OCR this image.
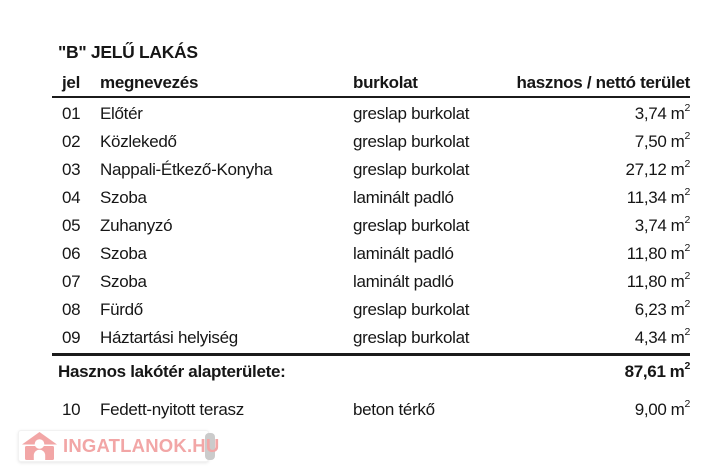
"B" JELŰ LAKÁS
jel	megnevezés	burkolat	hasznos / nettó terület
01	Előtér	greslap burkolat	3,74 $m^2$
02	Közlekedő	greslap burkolat	7,50 $m^2$
03	Nappali-Étkező-Konyha	greslap burkolat	27,12 $m^2$
04	Szoba	laminált padló	11,34 $m^2$
05	Zuhanyzó	greslap burkolat	3,74 $m^2$
06	Szoba	laminált padló	11,80 $m^2$
07	Szoba	laminált padló	11,80 $m^2$
08	Fürdő	greslap burkolat	6,23 $m^2$
09	Háztartási helyiség	greslap burkolat	4,34 $m^2$
Hasznos lakótér alapterülete:	87,61 $m^2$
10	Fedett-nyitott terasz	beton térkő	9,00 $m^2$
INGATLANOK.HU
